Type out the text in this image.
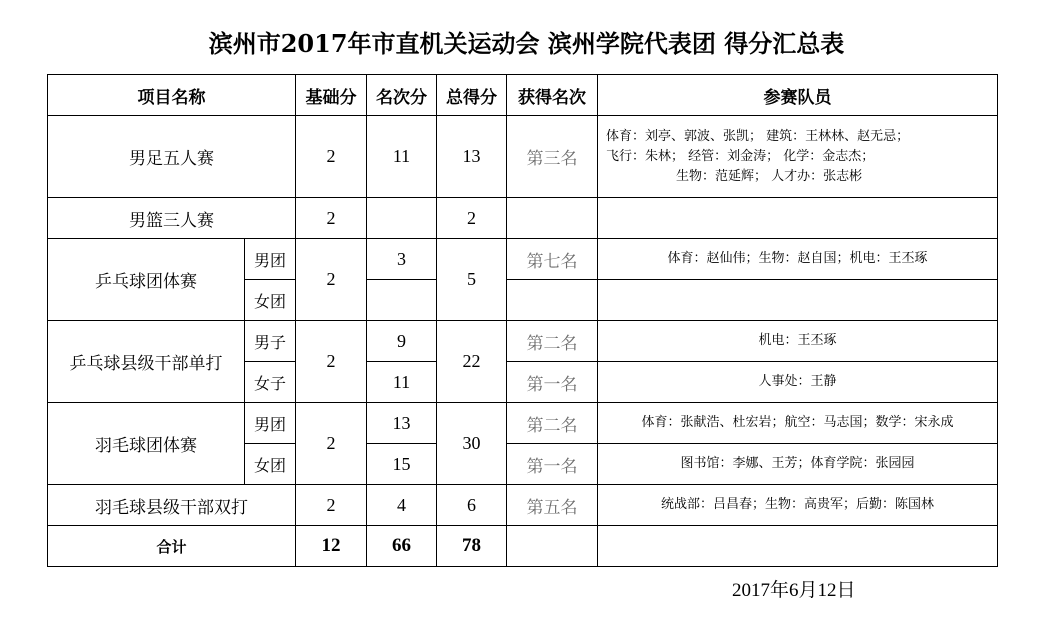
滨州市2017年市直机关运动会 滨州学院代表团 得分汇总表
项目名称		基础分	名次分	总得分	获得名次	参赛队员
男足五人赛		2	11	13	第三名	体育：刘亭、郭波、张凯； 建筑：王林林、赵无忌；
飞行：朱林； 经管：刘金涛； 化学：金志杰；
生物：范延辉； 人才办：张志彬

男篮三人赛		2		2		
乒乓球团体赛	男团	2	3	5	第七名	体育：赵仙伟；生物：赵自国；机电：王丕琢
	女团					
乒乓球县级干部单打	男子	2	9	22	第二名	机电：王丕琢
	女子		11		第一名	人事处：王静
羽毛球团体赛	男团	2	13	30	第二名	体育：张献浩、杜宏岩；航空：马志国；数学：宋永成
	女团		15		第一名	图书馆：李娜、王芳；体育学院：张园园
羽毛球县级干部双打		2	4	6	第五名	统战部：吕昌春；生物：高贵军；后勤：陈国林
合计		12	66	78		
2017年6月12日
